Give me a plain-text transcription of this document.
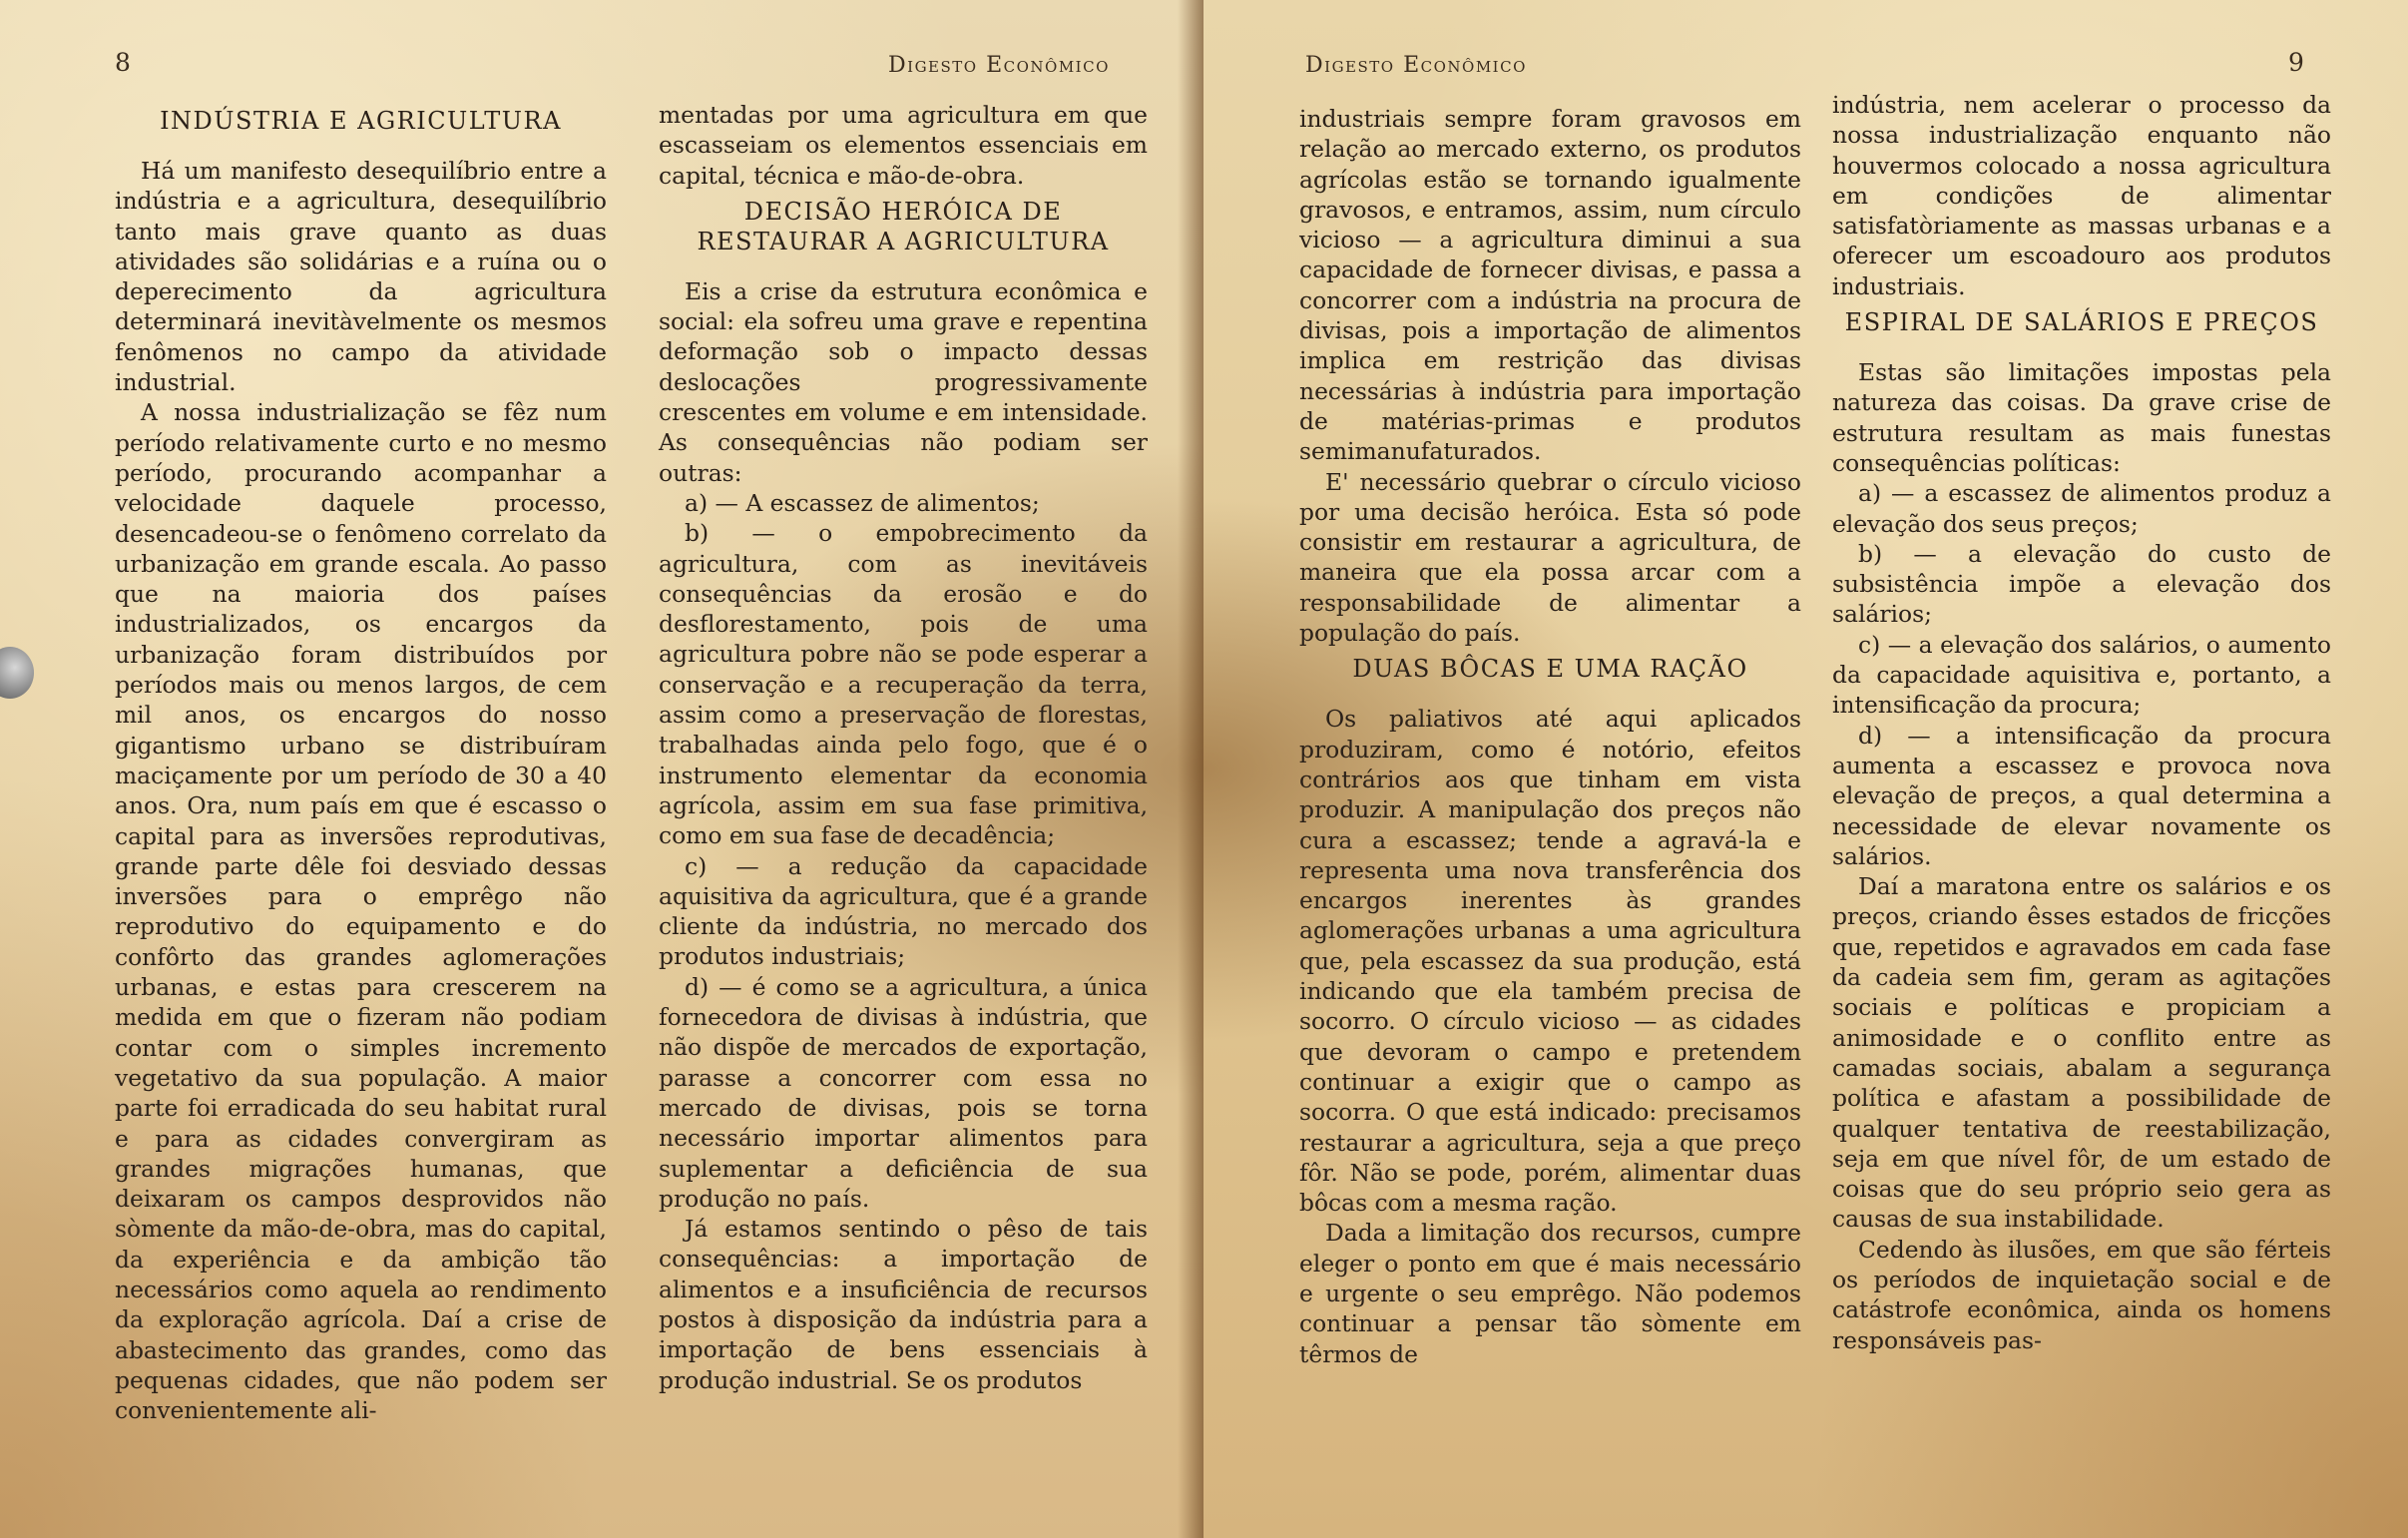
8	Digesto Econômico
INDÚSTRIA E AGRICULTURA

Há um manifesto desequilíbrio entre a indústria e a agricultura, desequilíbrio tanto mais grave quanto as duas atividades são solidárias e a ruína ou o deperecimento da agricultura determinará inevitàvelmente os mesmos fenômenos no campo da atividade industrial.

A nossa industrialização se fêz num período relativamente curto e no mesmo período, procurando acompanhar a velocidade daquele processo, desencadeou-se o fenômeno correlato da urbanização em grande escala. Ao passo que na maioria dos países industrializados, os encargos da urbanização foram distribuídos por períodos mais ou menos largos, de cem mil anos, os encargos do nosso gigantismo urbano se distribuíram maciçamente por um período de 30 a 40 anos. Ora, num país em que é escasso o capital para as inversões reprodutivas, grande parte dêle foi desviado dessas inversões para o emprêgo não reprodutivo do equipamento e do confôrto das grandes aglomerações urbanas, e estas para crescerem na medida em que o fizeram não podiam contar com o simples incremento vegetativo da sua população. A maior parte foi erradicada do seu habitat rural e para as cidades convergiram as grandes migrações humanas, que deixaram os campos desprovidos não sòmente da mão-de-obra, mas do capital, da experiência e da ambição tão necessários como aquela ao rendimento da exploração agrícola. Daí a crise de abastecimento das grandes, como das pequenas cidades, que não podem ser convenientemente ali-

mentadas por uma agricultura em que escasseiam os elementos essenciais em capital, técnica e mão-de-obra.

DECISÃO HERÓICA DE RESTAURAR A AGRICULTURA

Eis a crise da estrutura econômica e social: ela sofreu uma grave e repentina deformação sob o impacto dessas deslocações progressivamente crescentes em volume e em intensidade. As consequências não podiam ser outras:

a) — A escassez de alimentos;

b) — o empobrecimento da agricultura, com as inevitáveis consequências da erosão e do desflorestamento, pois de uma agricultura pobre não se pode esperar a conservação e a recuperação da terra, assim como a preservação de florestas, trabalhadas ainda pelo fogo, que é o instrumento elementar da economia agrícola, assim em sua fase primitiva, como em sua fase de decadência;

c) — a redução da capacidade aquisitiva da agricultura, que é a grande cliente da indústria, no mercado dos produtos industriais;

d) — é como se a agricultura, a única fornecedora de divisas à indústria, que não dispõe de mercados de exportação, parasse a concorrer com essa no mercado de divisas, pois se torna necessário importar alimentos para suplementar a deficiência de sua produção no país.

Já estamos sentindo o pêso de tais consequências: a importação de alimentos e a insuficiência de recursos postos à disposição da indústria para a importação de bens essenciais à produção industrial. Se os produtos

9
Digesto Econômico

industriais sempre foram gravosos em relação ao mercado externo, os produtos agrícolas estão se tornando igualmente gravosos, e entramos, assim, num círculo vicioso — a agricultura diminui a sua capacidade de fornecer divisas, e passa a concorrer com a indústria na procura de divisas, pois a importação de alimentos implica em restrição das divisas necessárias à indústria para importação de matérias-primas e produtos semimanufaturados.

E' necessário quebrar o círculo vicioso por uma decisão heróica. Esta só pode consistir em restaurar a agricultura, de maneira que ela possa arcar com a responsabilidade de alimentar a população do país.

DUAS BÔCAS E UMA RAÇÃO

Os paliativos até aqui aplicados produziram, como é notório, efeitos contrários aos que tinham em vista produzir. A manipulação dos preços não cura a escassez; tende a agravá-la e representa uma nova transferência dos encargos inerentes às grandes aglomerações urbanas a uma agricultura que, pela escassez da sua produção, está indicando que ela também precisa de socorro. O círculo vicioso — as cidades que devoram o campo e pretendem continuar a exigir que o campo as socorra. O que está indicado: precisamos restaurar a agricultura, seja a que preço fôr. Não se pode, porém, alimentar duas bôcas com a mesma ração.

Dada a limitação dos recursos, cumpre eleger o ponto em que é mais necessário e urgente o seu emprêgo. Não podemos continuar a pensar tão sòmente em têrmos de

indústria, nem acelerar o processo da nossa industrialização enquanto não houvermos colocado a nossa agricultura em condições de alimentar satisfatòriamente as massas urbanas e a oferecer um escoadouro aos produtos industriais.

ESPIRAL DE SALÁRIOS E PREÇOS

Estas são limitações impostas pela natureza das coisas. Da grave crise de estrutura resultam as mais funestas consequências políticas:

a) — a escassez de alimentos produz a elevação dos seus preços;

b) — a elevação do custo de subsistência impõe a elevação dos salários;

c) — a elevação dos salários, o aumento da capacidade aquisitiva e, portanto, a intensificação da procura;

d) — a intensificação da procura aumenta a escassez e provoca nova elevação de preços, a qual determina a necessidade de elevar novamente os salários.

Daí a maratona entre os salários e os preços, criando êsses estados de fricções que, repetidos e agravados em cada fase da cadeia sem fim, geram as agitações sociais e políticas e propiciam a animosidade e o conflito entre as camadas sociais, abalam a segurança política e afastam a possibilidade de qualquer tentativa de reestabilização, seja em que nível fôr, de um estado de coisas que do seu próprio seio gera as causas de sua instabilidade.

Cedendo às ilusões, em que são férteis os períodos de inquietação social e de catástrofe econômica, ainda os homens responsáveis pas-
